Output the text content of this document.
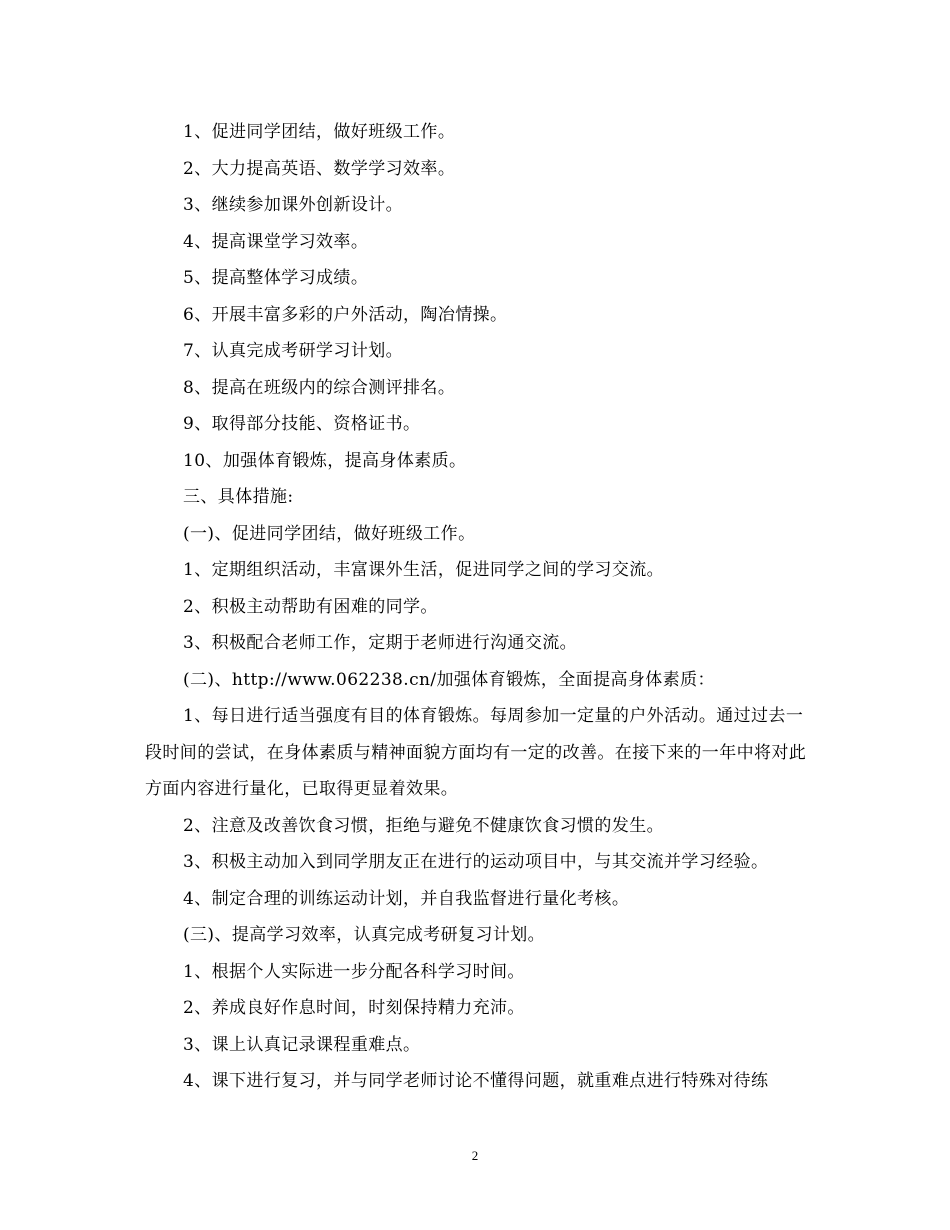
1、促进同学团结，做好班级工作。

2、大力提高英语、数学学习效率。

3、继续参加课外创新设计。

4、提高课堂学习效率。

5、提高整体学习成绩。

6、开展丰富多彩的户外活动，陶冶情操。

7、认真完成考研学习计划。

8、提高在班级内的综合测评排名。

9、取得部分技能、资格证书。

10、加强体育锻炼，提高身体素质。

三、具体措施:

(一)、促进同学团结，做好班级工作。

1、定期组织活动，丰富课外生活，促进同学之间的学习交流。

2、积极主动帮助有困难的同学。

3、积极配合老师工作，定期于老师进行沟通交流。

(二)、http://www.062238.cn/加强体育锻炼，全面提高身体素质：

1、每日进行适当强度有目的体育锻炼。每周参加一定量的户外活动。通过过去一段时间的尝试，在身体素质与精神面貌方面均有一定的改善。在接下来的一年中将对此方面内容进行量化，已取得更显着效果。

2、注意及改善饮食习惯，拒绝与避免不健康饮食习惯的发生。

3、积极主动加入到同学朋友正在进行的运动项目中，与其交流并学习经验。

4、制定合理的训练运动计划，并自我监督进行量化考核。

(三)、提高学习效率，认真完成考研复习计划。

1、根据个人实际进一步分配各科学习时间。

2、养成良好作息时间，时刻保持精力充沛。

3、课上认真记录课程重难点。

4、课下进行复习，并与同学老师讨论不懂得问题，就重难点进行特殊对待练

2
